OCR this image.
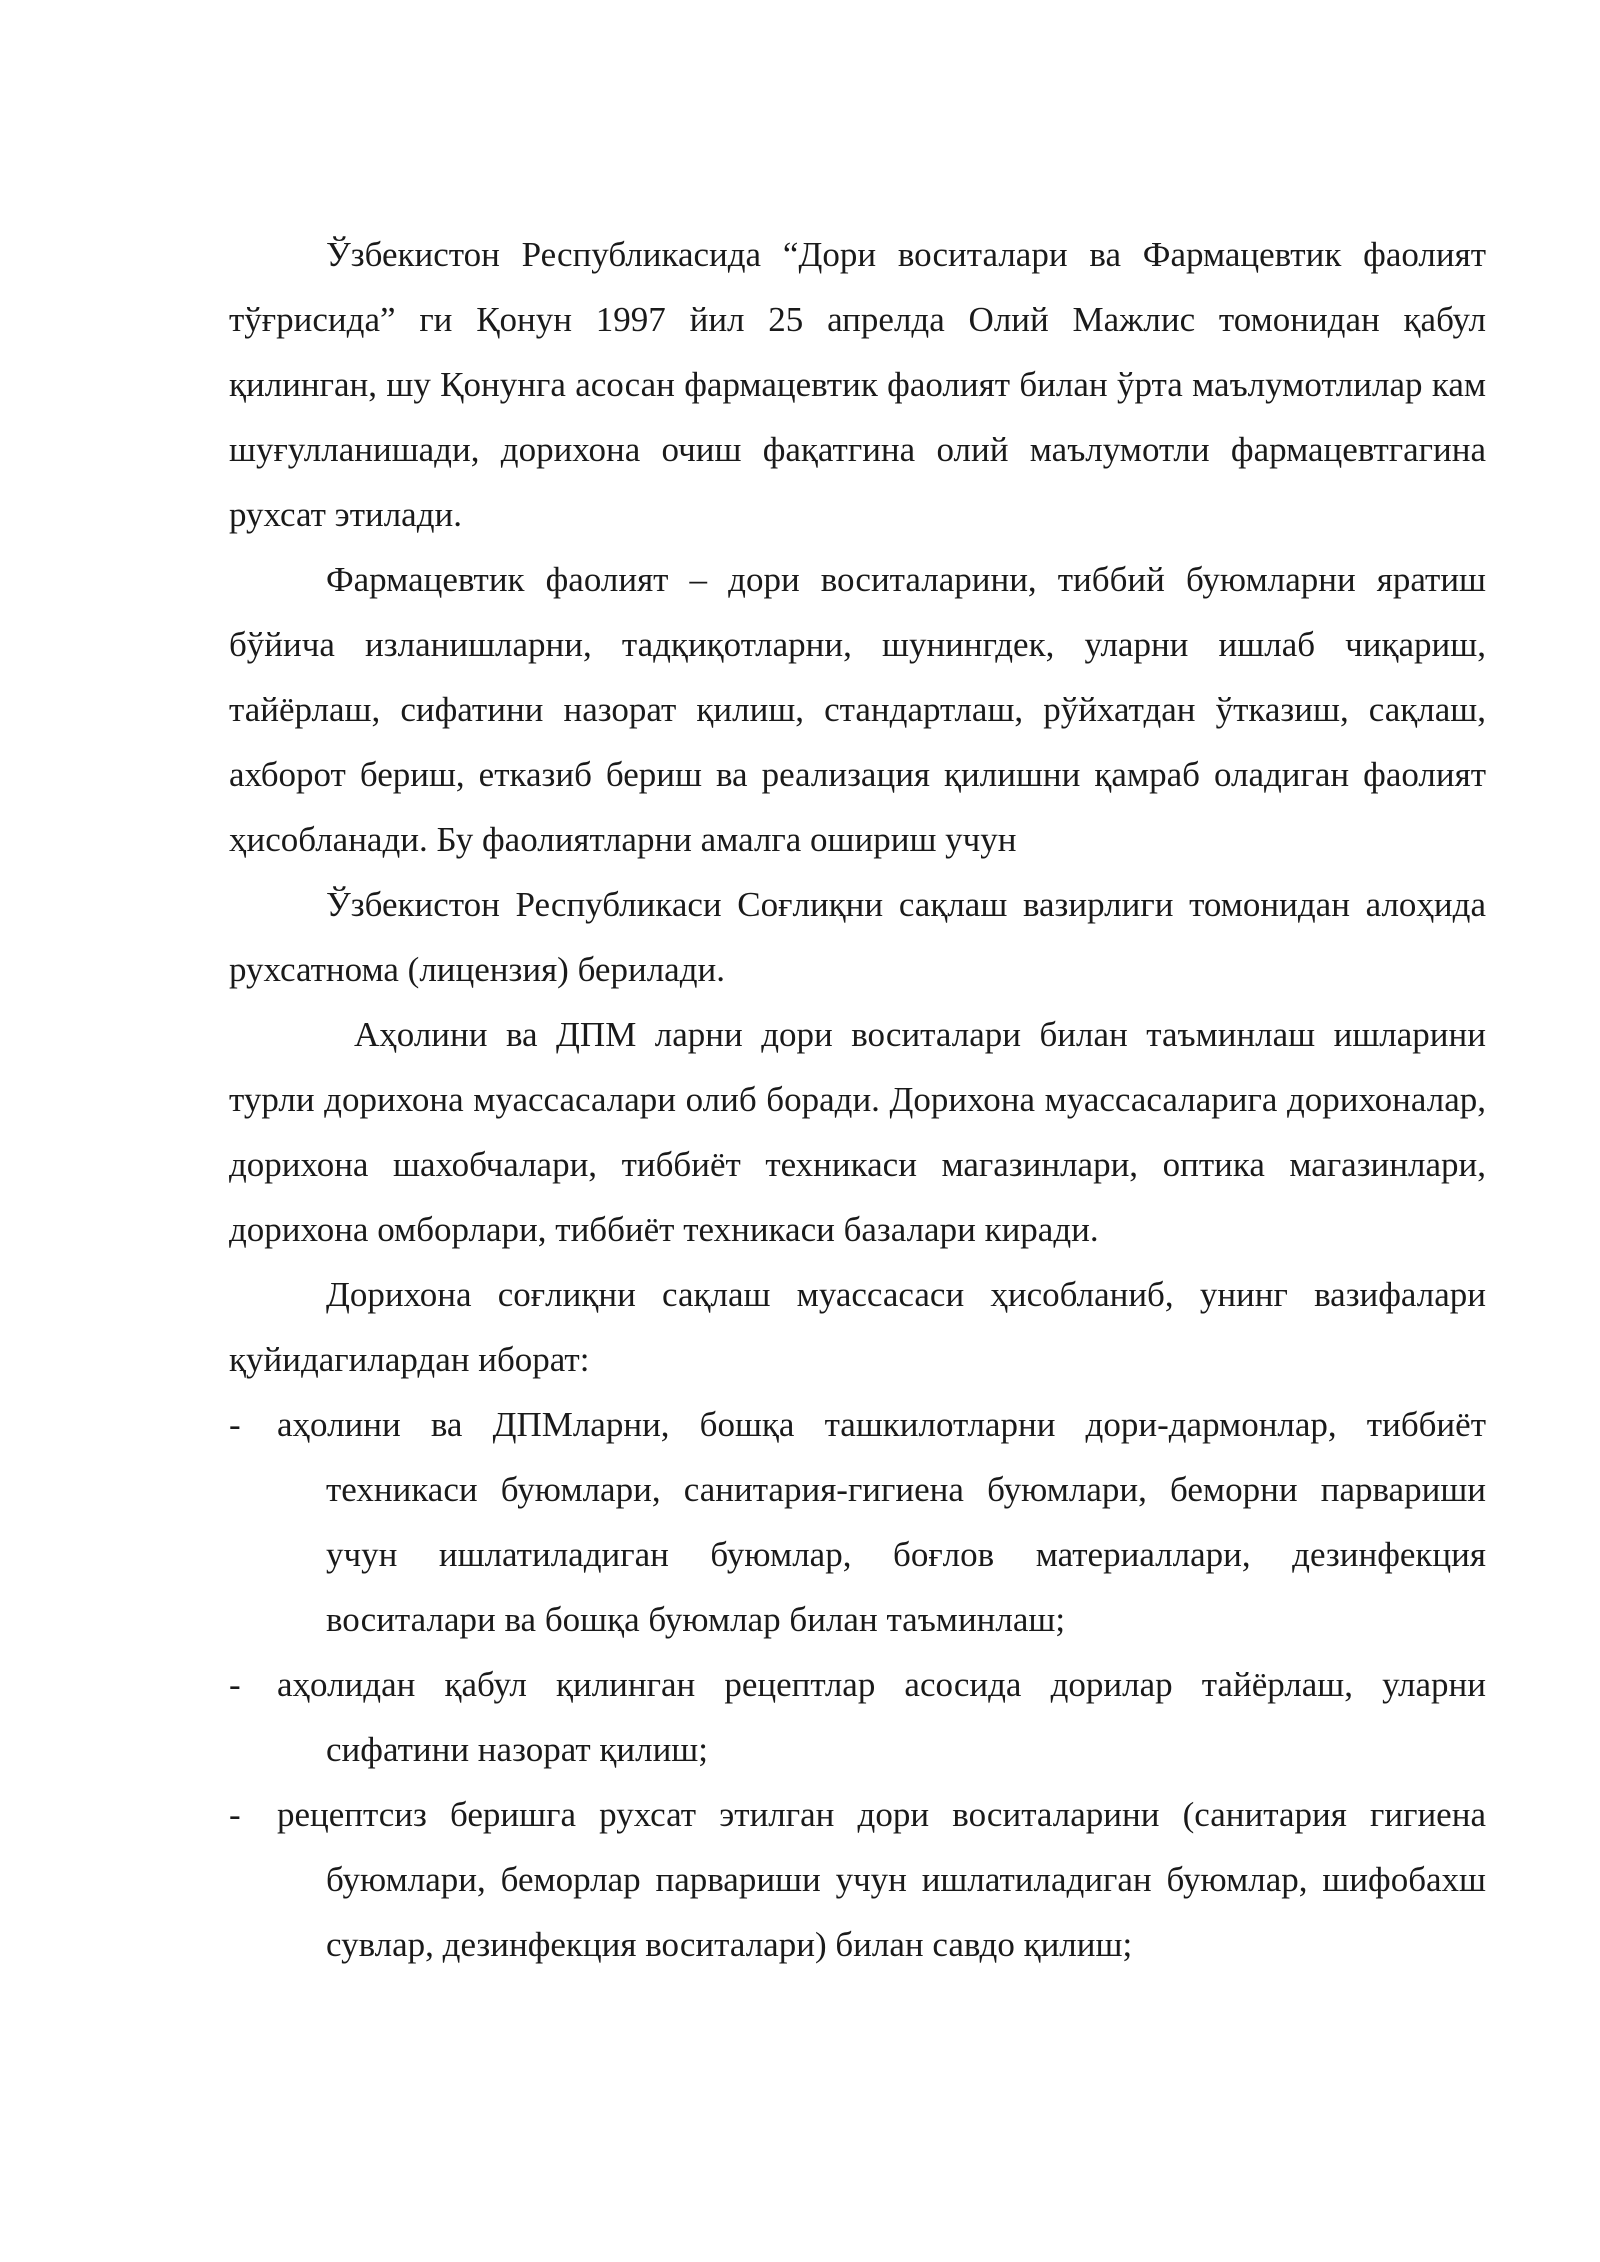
Ўзбекистон Республикасида “Дори воситалари ва Фармацевтик фаолият тўғрисида” ги Қонун 1997 йил 25 апрелда Олий Мажлис томонидан қабул қилинган, шу Қонунга асосан фармацевтик фаолият билан ўрта маълумотлилар кам шуғулланишади, дорихона очиш фақатгина олий маълумотли фармацевтгагина рухсат этилади.

Фармацевтик фаолият – дори воситаларини, тиббий буюмларни яратиш бўйича изланишларни, тадқиқотларни, шунингдек, уларни ишлаб чиқариш, тайёрлаш, сифатини назорат қилиш, стандартлаш, рўйхатдан ўтказиш, сақлаш, ахборот бериш, етказиб бериш ва реализация қилишни қамраб оладиган фаолият ҳисобланади. Бу фаолиятларни амалга ошириш учун

Ўзбекистон Республикаси Соғлиқни сақлаш вазирлиги томонидан алоҳида рухсатнома (лицензия) берилади.

Аҳолини ва ДПМ ларни дори воситалари билан таъминлаш ишларини турли дорихона муассасалари олиб боради. Дорихона муассасаларига дорихоналар, дорихона шахобчалари, тиббиёт техникаси магазинлари, оптика магазинлари, дорихона омборлари, тиббиёт техникаси базалари киради.

Дорихона соғлиқни сақлаш муассасаси ҳисобланиб, унинг вазифалари қуйидагилардан иборат:

- аҳолини ва ДПМларни, бошқа ташкилотларни дори-дармонлар, тиббиёт техникаси буюмлари, санитария-гигиена буюмлари, беморни парвариши учун ишлатиладиган буюмлар, боғлов материаллари, дезинфекция воситалари ва бошқа буюмлар билан таъминлаш;
- аҳолидан қабул қилинган рецептлар асосида дорилар тайёрлаш, уларни сифатини назорат қилиш;
- рецептсиз беришга рухсат этилган дори воситаларини (санитария гигиена буюмлари, беморлар парвариши учун ишлатиладиган буюмлар, шифобахш сувлар, дезинфекция воситалари) билан савдо қилиш;
